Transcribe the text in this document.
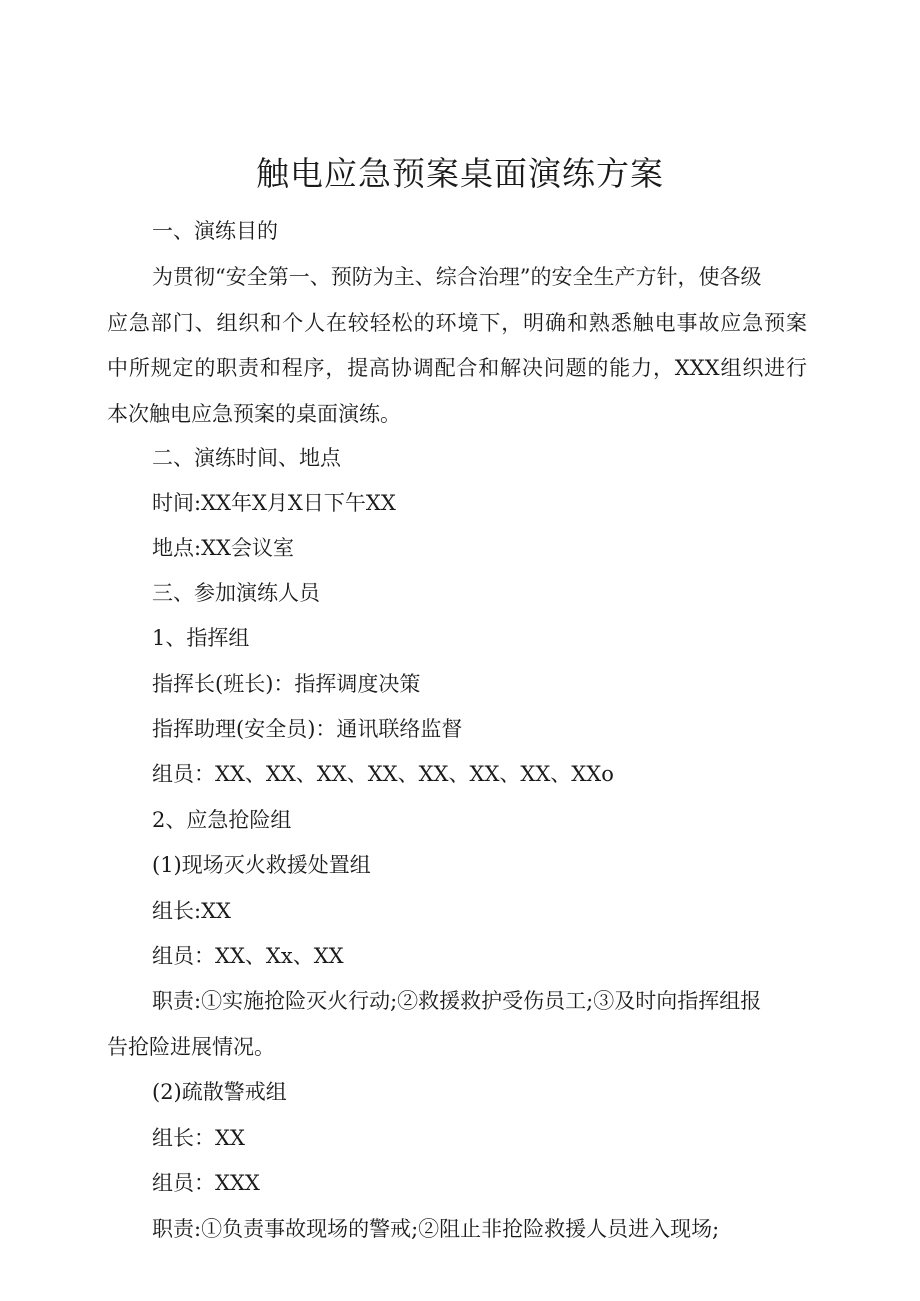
触电应急预案桌面演练方案
一、演练目的
为贯彻“安全第一、预防为主、综合治理”的安全生产方针，使各级
应急部门、组织和个人在较轻松的环境下，明确和熟悉触电事故应急预案
中所规定的职责和程序，提高协调配合和解决问题的能力，XXX组织进行
本次触电应急预案的桌面演练。
二、演练时间、地点
时间:XX年X月X日下午XX
地点:XX会议室
三、参加演练人员
1、指挥组
指挥长(班长)：指挥调度决策
指挥助理(安全员)：通讯联络监督
组员：XX、XX、XX、XX、XX、XX、XX、XXo
2、应急抢险组
(1)现场灭火救援处置组
组长:XX
组员：XX、Xx、XX
职责:①实施抢险灭火行动;②救援救护受伤员工;③及时向指挥组报
告抢险进展情况。
(2)疏散警戒组
组长：XX
组员：XXX
职责:①负责事故现场的警戒;②阻止非抢险救援人员进入现场;
